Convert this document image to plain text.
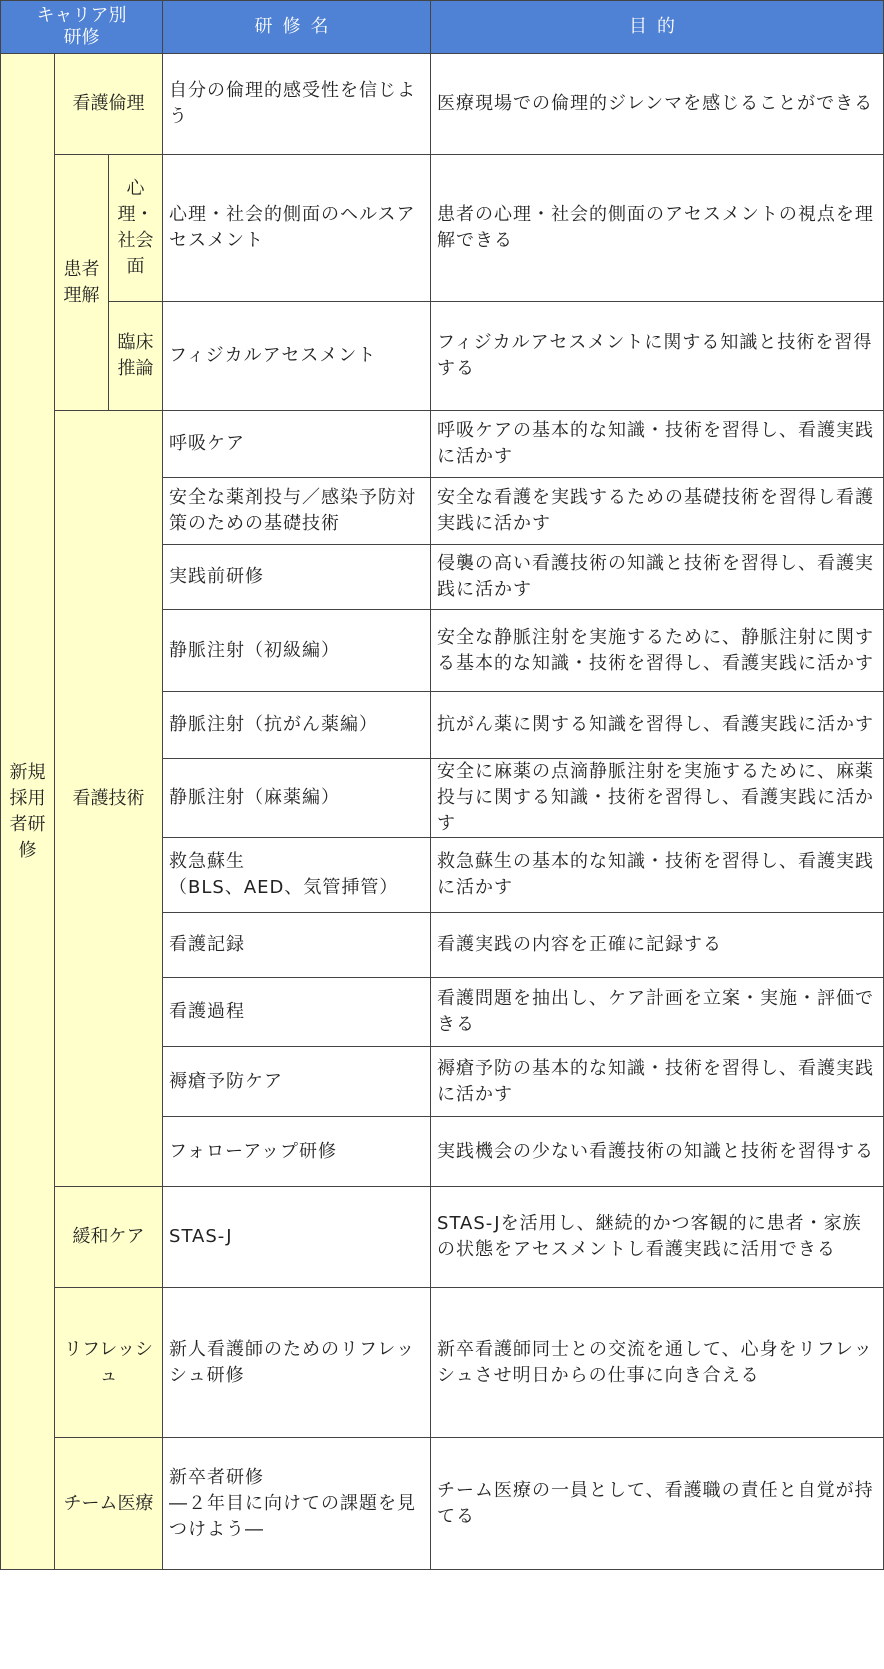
キャリア別
研修			研修名	目的

新規採用者研修	看護倫理		自分の倫理的感受性を信じよう	医療現場での倫理的ジレンマを感じることができる

	患者理解	心理・社会面	心理・社会的側面のヘルスアセスメント	患者の心理・社会的側面のアセスメントの視点を理解できる

		臨床推論	フィジカルアセスメント	フィジカルアセスメントに関する知識と技術を習得する

	看護技術		呼吸ケア	呼吸ケアの基本的な知識・技術を習得し、看護実践に活かす
			安全な薬剤投与／感染予防対策のための基礎技術	安全な看護を実践するための基礎技術を習得し看護実践に活かす
			実践前研修	侵襲の高い看護技術の知識と技術を習得し、看護実践に活かす
			静脈注射（初級編）	安全な静脈注射を実施するために、静脈注射に関する基本的な知識・技術を習得し、看護実践に活かす
			静脈注射（抗がん薬編）	抗がん薬に関する知識を習得し、看護実践に活かす
			静脈注射（麻薬編）	安全に麻薬の点滴静脈注射を実施するために、麻薬投与に関する知識・技術を習得し、看護実践に活かす
			救急蘇生
（BLS、AED、気管挿管）	救急蘇生の基本的な知識・技術を習得し、看護実践に活かす
			看護記録	看護実践の内容を正確に記録する
			看護過程	看護問題を抽出し、ケア計画を立案・実施・評価できる
			褥瘡予防ケア	褥瘡予防の基本的な知識・技術を習得し、看護実践に活かす
			フォローアップ研修	実践機会の少ない看護技術の知識と技術を習得する

	緩和ケア		STAS-J	STAS-Jを活用し、継続的かつ客観的に患者・家族の状態をアセスメントし看護実践に活用できる

	リフレッシュ		新人看護師のためのリフレッシュ研修	新卒看護師同士との交流を通して、心身をリフレッシュさせ明日からの仕事に向き合える

	チーム医療		新卒者研修
―２年目に向けての課題を見つけよう―	チーム医療の一員として、看護職の責任と自覚が持てる
